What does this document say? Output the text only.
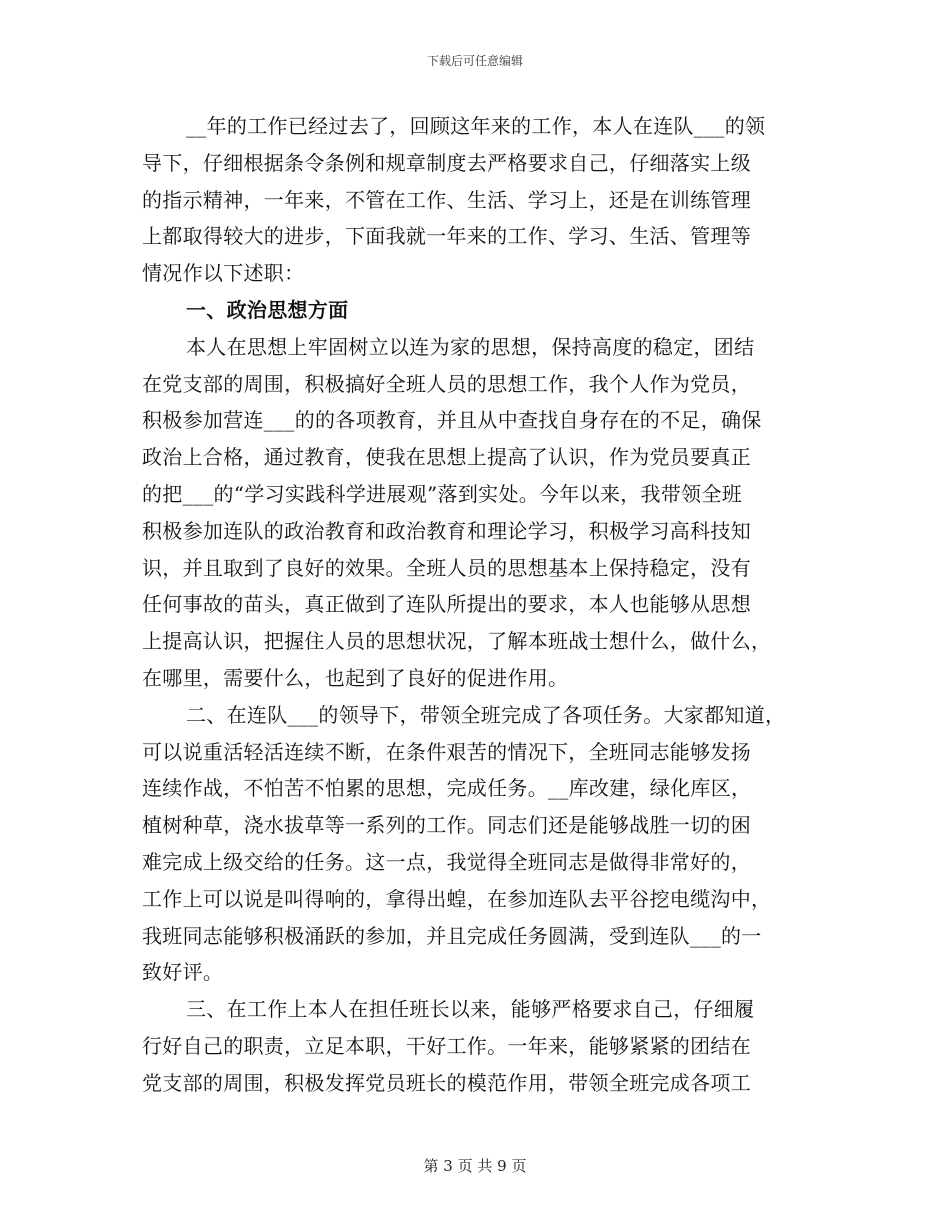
下载后可任意编辑
__年的工作已经过去了，回顾这年来的工作，本人在连队___的领
导下，仔细根据条令条例和规章制度去严格要求自己，仔细落实上级
的指示精神，一年来，不管在工作、生活、学习上，还是在训练管理
上都取得较大的进步，下面我就一年来的工作、学习、生活、管理等
情况作以下述职：
一、政治思想方面
本人在思想上牢固树立以连为家的思想，保持高度的稳定，团结
在党支部的周围，积极搞好全班人员的思想工作，我个人作为党员，
积极参加营连___的的各项教育，并且从中查找自身存在的不足，确保
政治上合格，通过教育，使我在思想上提高了认识，作为党员要真正
的把___的“学习实践科学进展观”落到实处。今年以来，我带领全班
积极参加连队的政治教育和政治教育和理论学习，积极学习高科技知
识，并且取到了良好的效果。全班人员的思想基本上保持稳定，没有
任何事故的苗头，真正做到了连队所提出的要求，本人也能够从思想
上提高认识，把握住人员的思想状况，了解本班战士想什么，做什么，
在哪里，需要什么，也起到了良好的促进作用。
二、在连队___的领导下，带领全班完成了各项任务。大家都知道，
可以说重活轻活连续不断，在条件艰苦的情况下，全班同志能够发扬
连续作战，不怕苦不怕累的思想，完成任务。__库改建，绿化库区，
植树种草，浇水拔草等一系列的工作。同志们还是能够战胜一切的困
难完成上级交给的任务。这一点，我觉得全班同志是做得非常好的，
工作上可以说是叫得响的，拿得出蝗，在参加连队去平谷挖电缆沟中，
我班同志能够积极涌跃的参加，并且完成任务圆满，受到连队___的一
致好评。
三、在工作上本人在担任班长以来，能够严格要求自己，仔细履
行好自己的职责，立足本职，干好工作。一年来，能够紧紧的团结在
党支部的周围，积极发挥党员班长的模范作用，带领全班完成各项工
第 3 页 共 9 页
